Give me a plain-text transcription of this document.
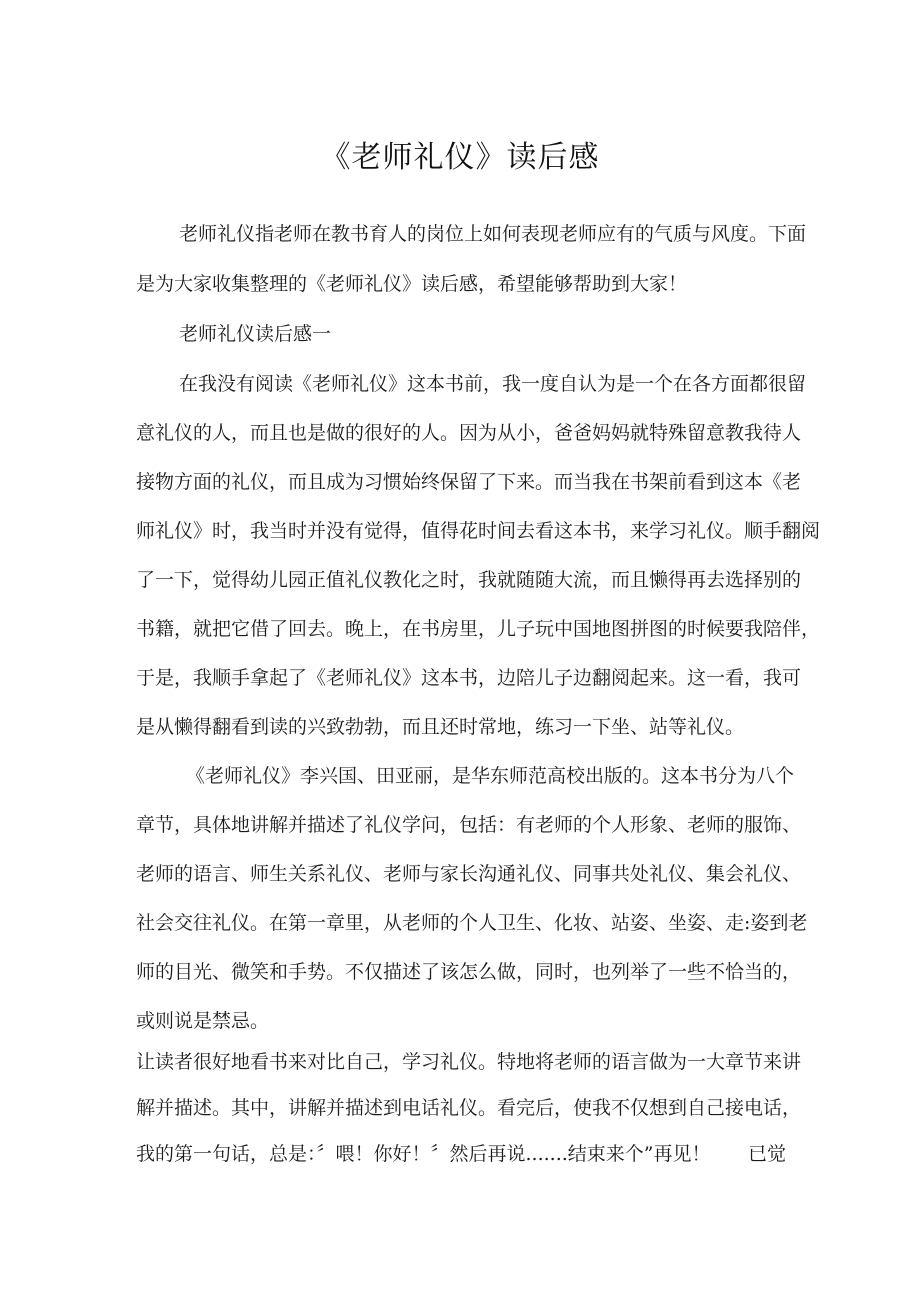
《老师礼仪》读后感
老师礼仪指老师在教书育人的岗位上如何表现老师应有的气质与风度。下面
是为大家收集整理的《老师礼仪》读后感，希望能够帮助到大家！
老师礼仪读后感一
在我没有阅读《老师礼仪》这本书前，我一度自认为是一个在各方面都很留
意礼仪的人，而且也是做的很好的人。因为从小，爸爸妈妈就特殊留意教我待人
接物方面的礼仪，而且成为习惯始终保留了下来。而当我在书架前看到这本《老
师礼仪》时，我当时并没有觉得，值得花时间去看这本书，来学习礼仪。顺手翻阅
了一下，觉得幼儿园正值礼仪教化之时，我就随随大流，而且懒得再去选择别的
书籍，就把它借了回去。晚上，在书房里，儿子玩中国地图拼图的时候要我陪伴，
于是，我顺手拿起了《老师礼仪》这本书，边陪儿子边翻阅起来。这一看，我可
是从懒得翻看到读的兴致勃勃，而且还时常地，练习一下坐、站等礼仪。
《老师礼仪》李兴国、田亚丽，是华东师范高校出版的。这本书分为八个
章节，具体地讲解并描述了礼仪学问，包括：有老师的个人形象、老师的服饰、
老师的语言、师生关系礼仪、老师与家长沟通礼仪、同事共处礼仪、集会礼仪、
社会交往礼仪。在第一章里，从老师的个人卫生、化妆、站姿、坐姿、走:姿到老
师的目光、微笑和手势。不仅描述了该怎么做，同时，也列举了一些不恰当的，
或则说是禁忌。
让读者很好地看书来对比自己，学习礼仪。特地将老师的语言做为一大章节来讲
解并描述。其中，讲解并描述到电话礼仪。看完后，使我不仅想到自己接电话，
我的第一句话，总是：〞喂！你好！〞然后再说.......结束来个”再见！ 已觉
